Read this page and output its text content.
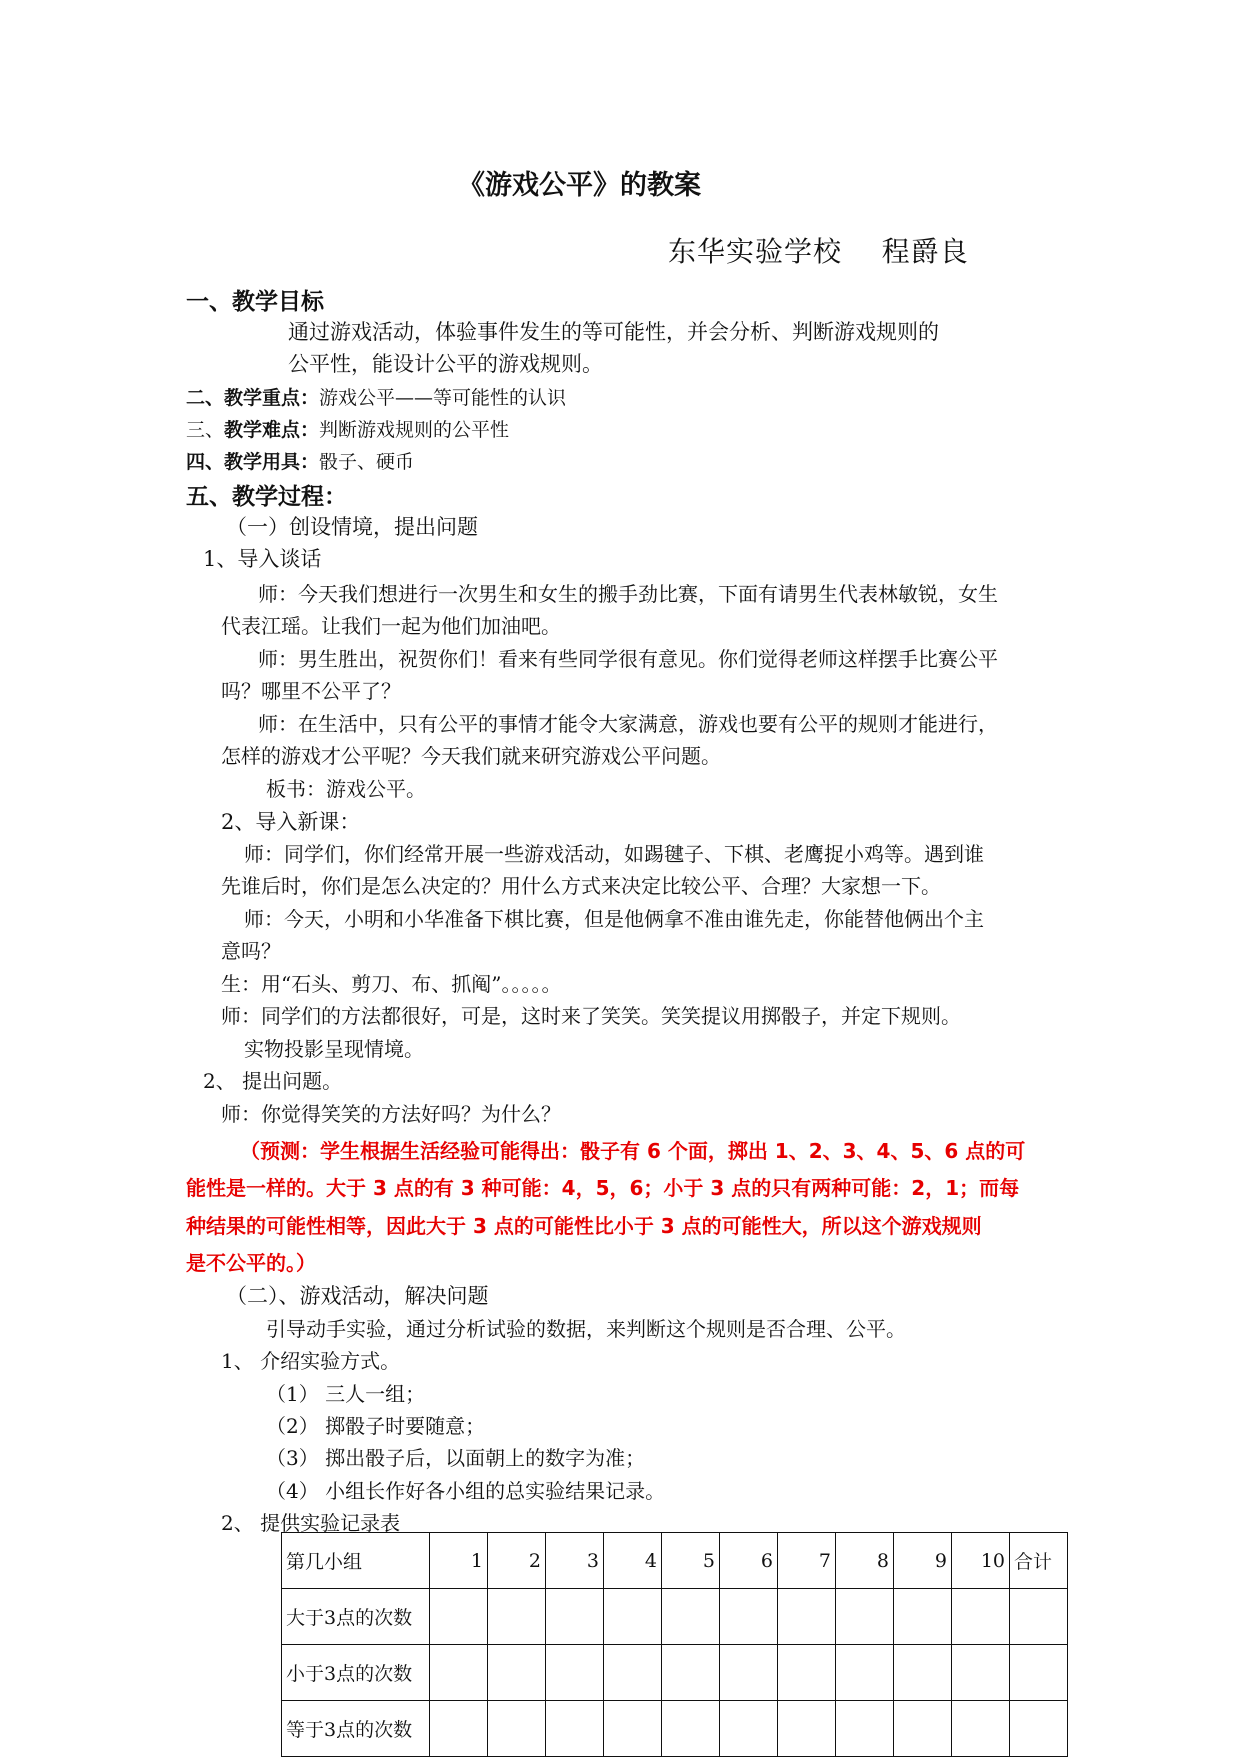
《游戏公平》的教案
东华实验学校    程爵良
一、教学目标
通过游戏活动，体验事件发生的等可能性，并会分析、判断游戏规则的
公平性，能设计公平的游戏规则。
二、教学重点：游戏公平——等可能性的认识
三、教学难点：判断游戏规则的公平性
四、教学用具：骰子、硬币
五、教学过程：
（一）创设情境，提出问题
1、导入谈话
师：今天我们想进行一次男生和女生的搬手劲比赛，下面有请男生代表林敏锐，女生
代表江瑶。让我们一起为他们加油吧。
师：男生胜出，祝贺你们！看来有些同学很有意见。你们觉得老师这样摆手比赛公平
吗？哪里不公平了？
师：在生活中，只有公平的事情才能令大家满意，游戏也要有公平的规则才能进行，
怎样的游戏才公平呢？今天我们就来研究游戏公平问题。
板书：游戏公平。
2、导入新课：
师：同学们，你们经常开展一些游戏活动，如踢毽子、下棋、老鹰捉小鸡等。遇到谁
先谁后时，你们是怎么决定的？用什么方式来决定比较公平、合理？大家想一下。
师：今天，小明和小华准备下棋比赛，但是他俩拿不准由谁先走，你能替他俩出个主
意吗？
生：用“石头、剪刀、布、抓阄”。。。。。
师：同学们的方法都很好，可是，这时来了笑笑。笑笑提议用掷骰子，并定下规则。
实物投影呈现情境。
2、 提出问题。
师：你觉得笑笑的方法好吗？为什么？
（预测：学生根据生活经验可能得出：骰子有 6 个面，掷出 1、2、3、4、5、6 点的可
能性是一样的。大于 3 点的有 3 种可能：4，5，6；小于 3 点的只有两种可能：2，1；而每
种结果的可能性相等，因此大于 3 点的可能性比小于 3 点的可能性大，所以这个游戏规则
是不公平的。）
（二）、游戏活动，解决问题
引导动手实验，通过分析试验的数据，来判断这个规则是否合理、公平。
1、 介绍实验方式。
（1） 三人一组；
（2） 掷骰子时要随意；
（3） 掷出骰子后，以面朝上的数字为准；
（4） 小组长作好各小组的总实验结果记录。
2、 提供实验记录表
第几小组	1	2	3	4	5	6	7	8	9	10	合计
大于3点的次数											
小于3点的次数											
等于3点的次数											
